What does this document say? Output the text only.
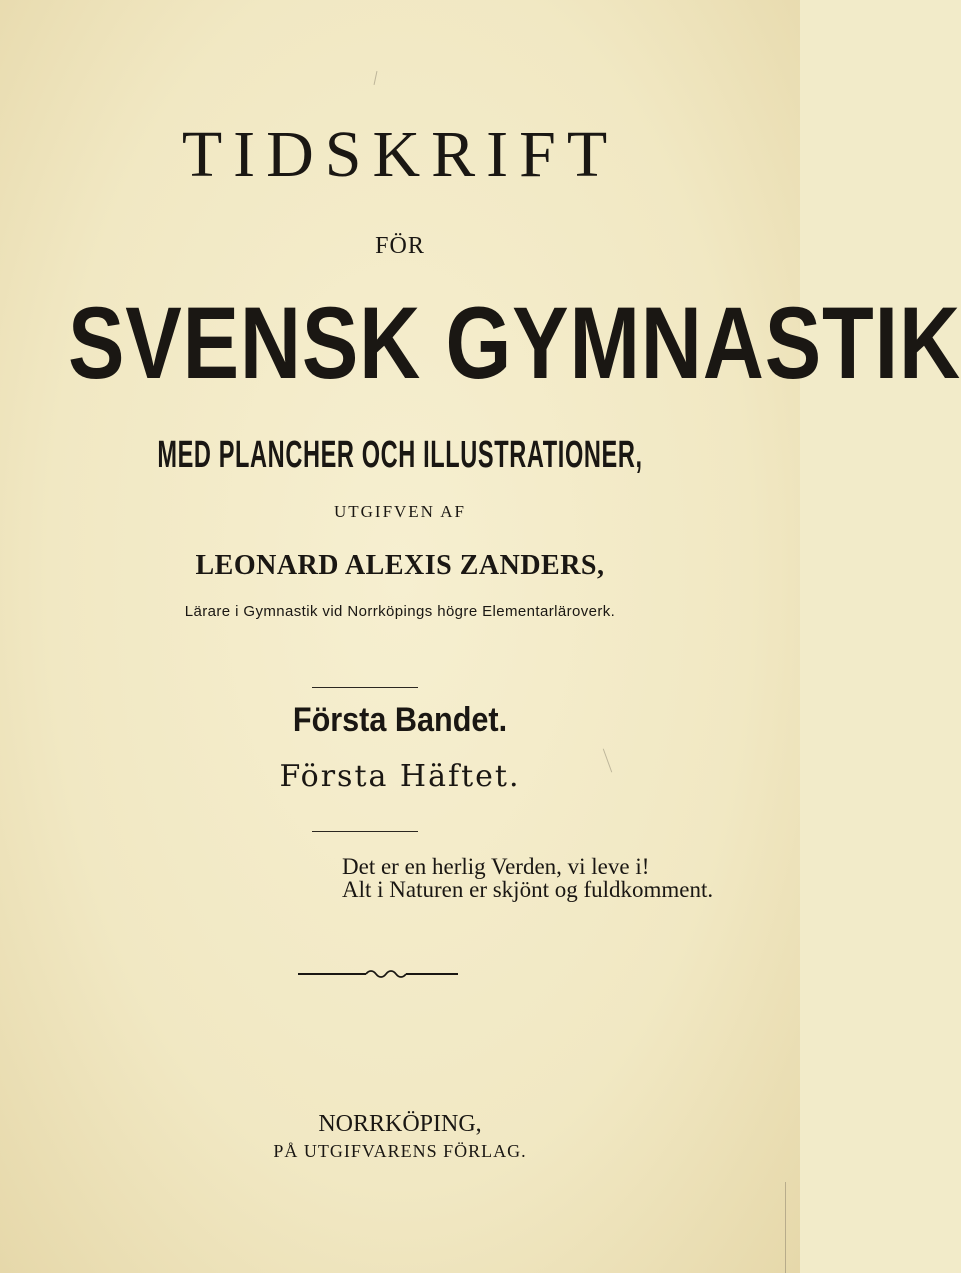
TIDSKRIFT
FÖR
SVENSK GYMNASTIK
MED PLANCHER OCH ILLUSTRATIONER,
UTGIFVEN AF
LEONARD ALEXIS ZANDERS,
Lärare i Gymnastik vid Norrköpings högre Elementarläroverk.
Första Bandet.
Första Häftet.
Det er en herlig Verden, vi leve i!
Alt i Naturen er skjönt og fuldkomment.
NORRKÖPING,
PÅ UTGIFVARENS FÖRLAG.
